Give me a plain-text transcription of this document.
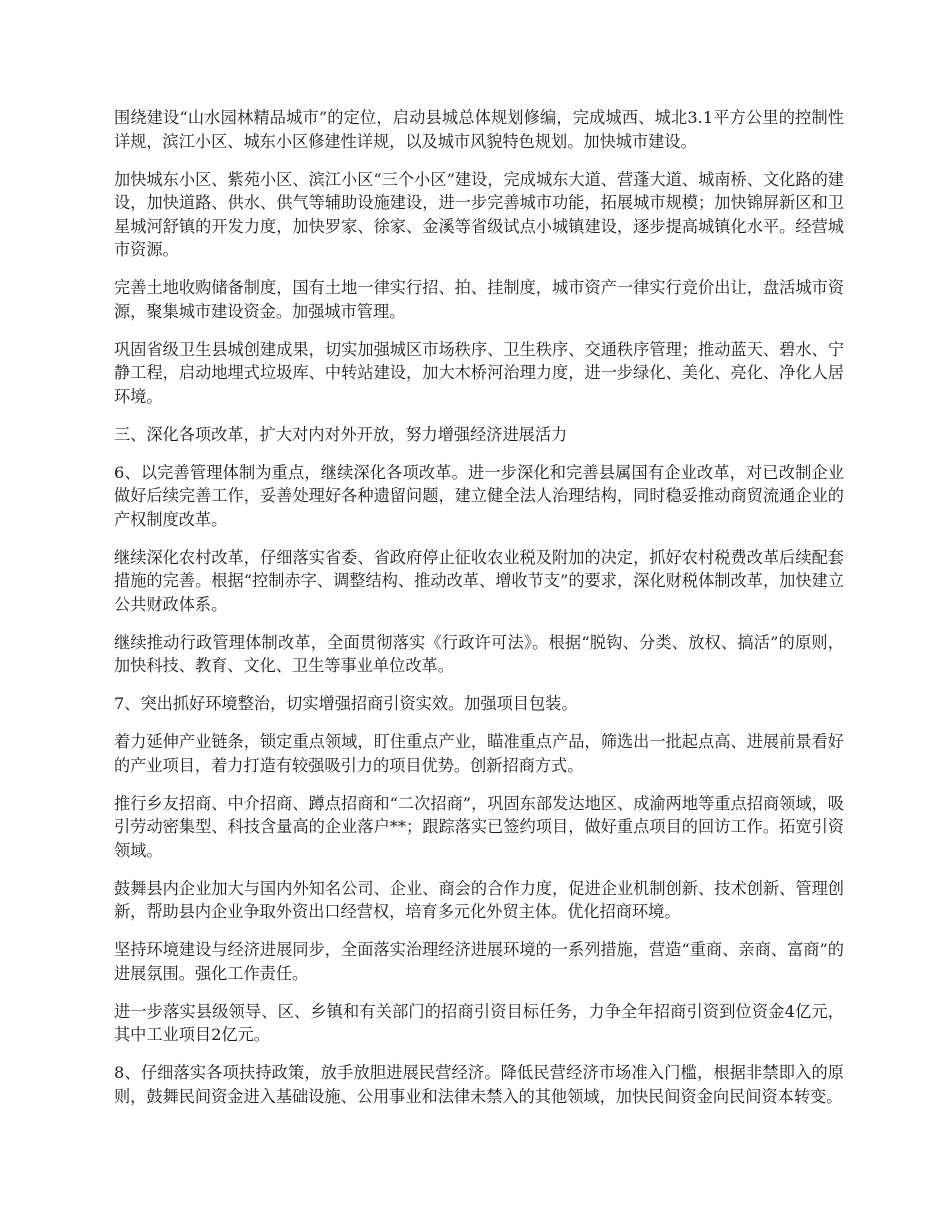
围绕建设“山水园林精品城市”的定位，启动县城总体规划修编，完成城西、城北3.1平方公里的控制性详规，滨江小区、城东小区修建性详规，以及城市风貌特色规划。加快城市建设。

加快城东小区、紫苑小区、滨江小区“三个小区”建设，完成城东大道、营蓬大道、城南桥、文化路的建设，加快道路、供水、供气等辅助设施建设，进一步完善城市功能，拓展城市规模；加快锦屏新区和卫星城河舒镇的开发力度，加快罗家、徐家、金溪等省级试点小城镇建设，逐步提高城镇化水平。经营城市资源。

完善土地收购储备制度，国有土地一律实行招、拍、挂制度，城市资产一律实行竞价出让，盘活城市资源，聚集城市建设资金。加强城市管理。

巩固省级卫生县城创建成果，切实加强城区市场秩序、卫生秩序、交通秩序管理；推动蓝天、碧水、宁静工程，启动地埋式垃圾库、中转站建设，加大木桥河治理力度，进一步绿化、美化、亮化、净化人居环境。

三、深化各项改革，扩大对内对外开放，努力增强经济进展活力

6、以完善管理体制为重点，继续深化各项改革。进一步深化和完善县属国有企业改革，对已改制企业做好后续完善工作，妥善处理好各种遗留问题，建立健全法人治理结构，同时稳妥推动商贸流通企业的产权制度改革。

继续深化农村改革，仔细落实省委、省政府停止征收农业税及附加的决定，抓好农村税费改革后续配套措施的完善。根据“控制赤字、调整结构、推动改革、增收节支”的要求，深化财税体制改革，加快建立公共财政体系。

继续推动行政管理体制改革，全面贯彻落实《行政许可法》。根据“脱钩、分类、放权、搞活”的原则，加快科技、教育、文化、卫生等事业单位改革。

7、突出抓好环境整治，切实增强招商引资实效。加强项目包装。

着力延伸产业链条，锁定重点领域，盯住重点产业，瞄准重点产品，筛选出一批起点高、进展前景看好的产业项目，着力打造有较强吸引力的项目优势。创新招商方式。

推行乡友招商、中介招商、蹲点招商和“二次招商”，巩固东部发达地区、成渝两地等重点招商领域，吸引劳动密集型、科技含量高的企业落户**；跟踪落实已签约项目，做好重点项目的回访工作。拓宽引资领域。

鼓舞县内企业加大与国内外知名公司、企业、商会的合作力度，促进企业机制创新、技术创新、管理创新，帮助县内企业争取外资出口经营权，培育多元化外贸主体。优化招商环境。

坚持环境建设与经济进展同步，全面落实治理经济进展环境的一系列措施，营造“重商、亲商、富商”的进展氛围。强化工作责任。

进一步落实县级领导、区、乡镇和有关部门的招商引资目标任务，力争全年招商引资到位资金4亿元，其中工业项目2亿元。

8、仔细落实各项扶持政策，放手放胆进展民营经济。降低民营经济市场准入门槛，根据非禁即入的原则，鼓舞民间资金进入基础设施、公用事业和法律未禁入的其他领域，加快民间资金向民间资本转变。
